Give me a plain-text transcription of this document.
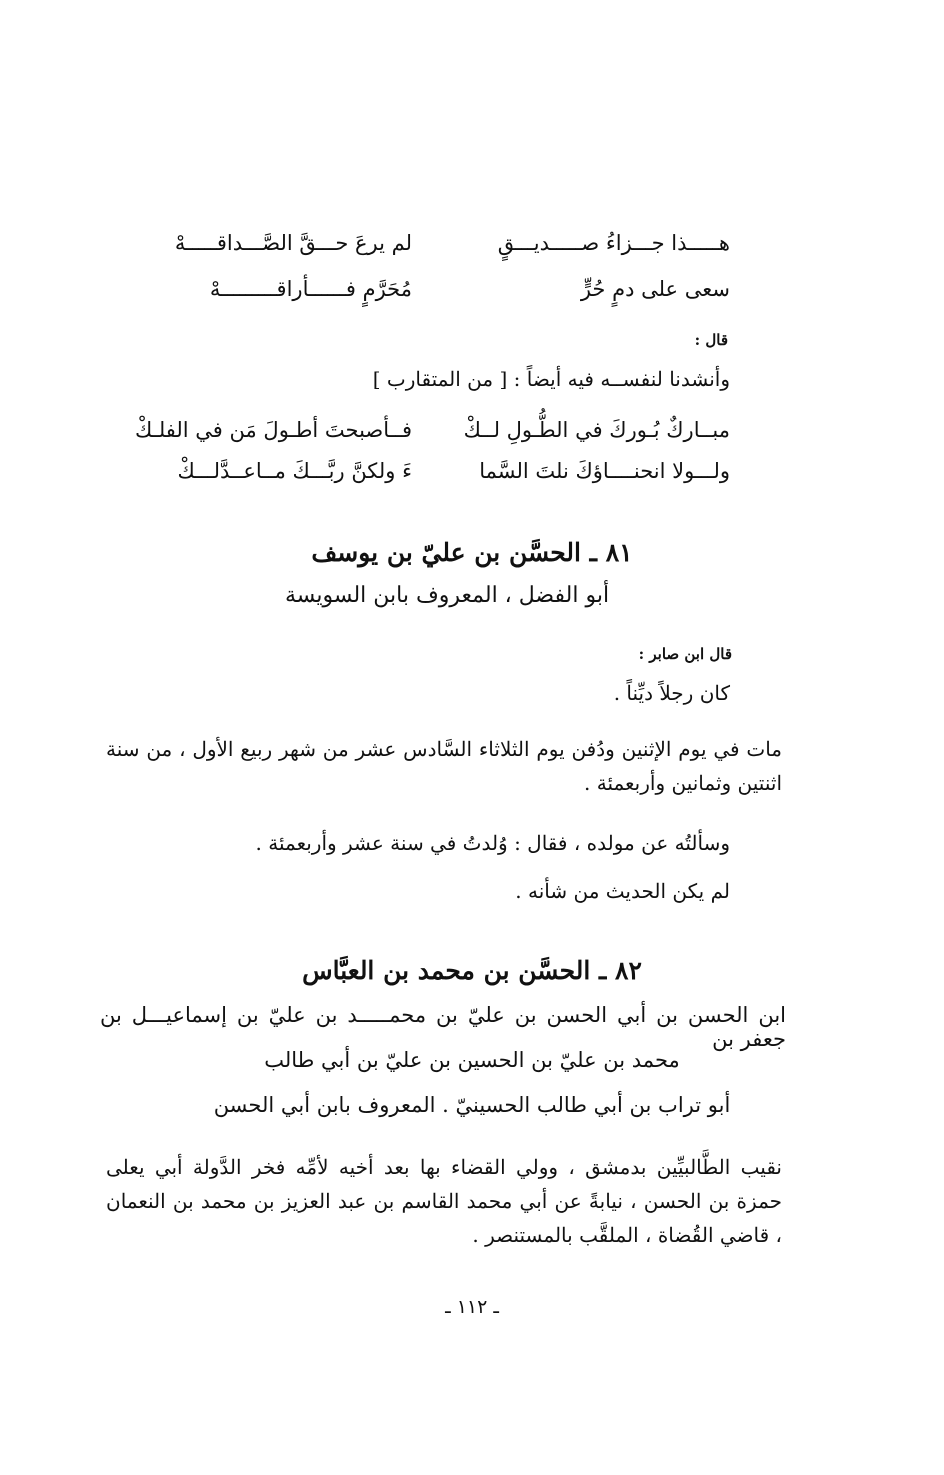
هـــــذا جـــزاءُ صـــــديـــقٍ
لم يرعَ حـــقَّ الصَّـــداقـــــهْ
سعى على دمٍ حُرٍّ
مُحَرَّمٍ فــــــأراقـــــــــهْ
قال :
وأنشدنا لنفســه فيه أيضاً : [ من المتقارب ]
مبــاركٌ بُـوركَ في الطُّـولِ لــكْ
فــأصبحتَ أطـولَ مَن في الفلـكْ
ولـــولا انحنــــاؤكَ نلتَ السَّما
ءَ ولكنَّ ربَّـــكَ مــاعــدَّلـــكْ
٨١ ـ الحسَّن بن عليّ بن يوسف
أبو الفضل ، المعروف بابن السويسة
قال ابن صابر :
كان رجلاً ديِّناً .
مات في يوم الإثنين ودُفن يوم الثلاثاء السَّادس عشر من شهر ربيع الأول ، من سنة اثنتين وثمانين وأربعمئة .
وسألتُه عن مولده ، فقال : وُلدتُ في سنة عشر وأربعمئة .
لم يكن الحديث من شأنه .
٨٢ ـ الحسَّن بن محمد بن العبَّاس
ابن الحسن بن أبي الحسن بن عليّ بن محمـــــد بن عليّ بن إسماعيـــل بن جعفر بن
محمد بن عليّ بن الحسين بن عليّ بن أبي طالب
أبو تراب بن أبي طالب الحسينيّ . المعروف بابن أبي الحسن
نقيب الطَّالبيِّين بدمشق ، وولي القضاء بها بعد أخيه لأمِّه فخر الدَّولة أبي يعلى حمزة بن الحسن ، نيابةً عن أبي محمد القاسم بن عبد العزيز بن محمد بن النعمان ، قاضي القُضاة ، الملقَّب بالمستنصر .
ـ ١١٢ ـ
